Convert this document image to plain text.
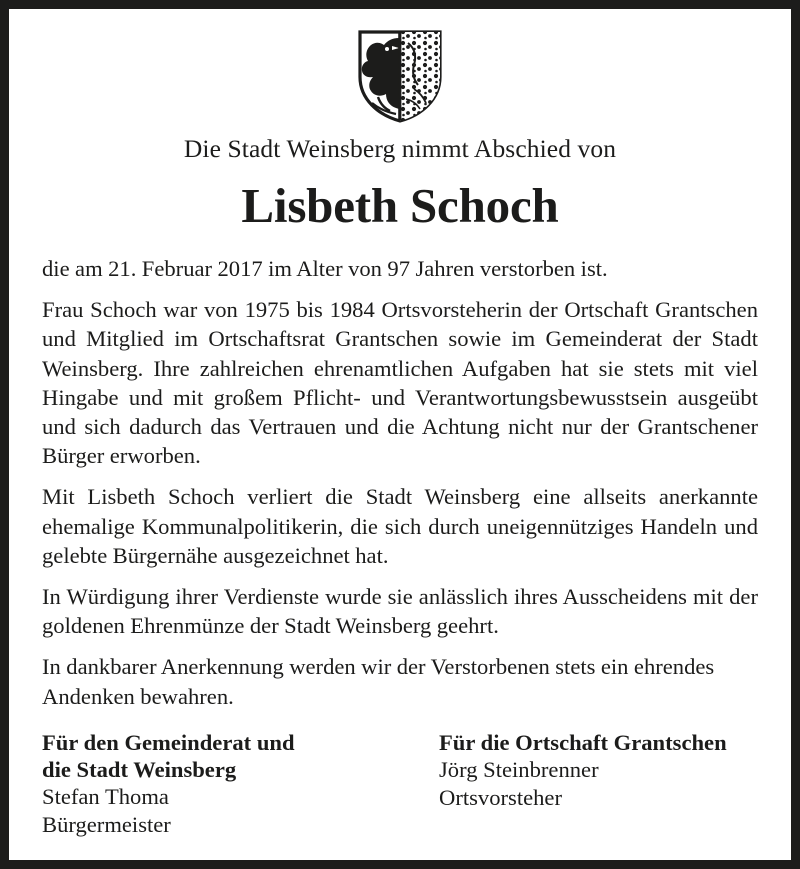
Die Stadt Weinsberg nimmt Abschied von
Lisbeth Schoch

die am 21. Februar 2017 im Alter von 97 Jahren verstorben ist.

Frau Schoch war von 1975 bis 1984 Ortsvorsteherin der Ortschaft Grantschen und Mitglied im Ortschaftsrat Grantschen sowie im Gemeinderat der Stadt Weinsberg. Ihre zahlreichen ehrenamtlichen Aufgaben hat sie stets mit viel Hingabe und mit großem Pflicht- und Verantwortungsbewusstsein ausgeübt und sich dadurch das Vertrauen und die Achtung nicht nur der Grantschener Bürger erworben.

Mit Lisbeth Schoch verliert die Stadt Weinsberg eine allseits anerkannte ehemalige Kommunalpolitikerin, die sich durch uneigennütziges Handeln und gelebte Bürgernähe ausgezeichnet hat.

In Würdigung ihrer Verdienste wurde sie anlässlich ihres Ausscheidens mit der goldenen Ehrenmünze der Stadt Weinsberg geehrt.

In dankbarer Anerkennung werden wir der Verstorbenen stets ein ehrendes Andenken bewahren.

Für den Gemeinderat und
die Stadt Weinsberg
Stefan Thoma
Bürgermeister
Für die Ortschaft Grantschen
Jörg Steinbrenner
Ortsvorsteher
